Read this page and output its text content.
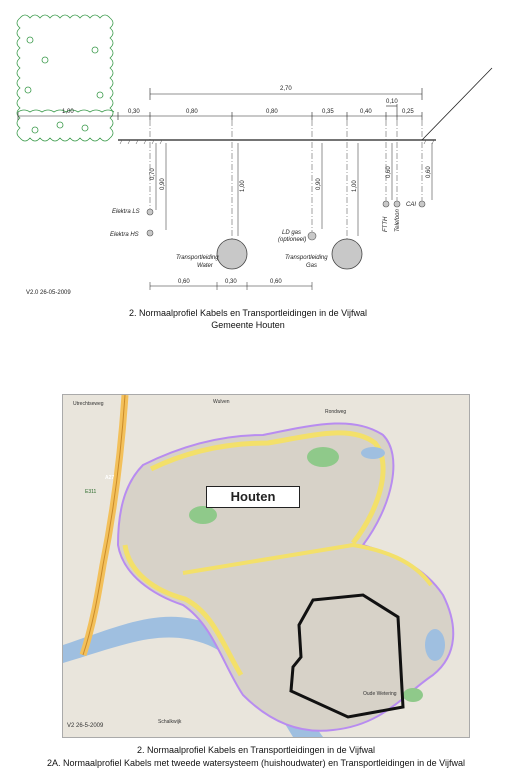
2,70
1,00	0,30	0,80	0,80	0,35	0,40
0,10
0,25
0,70
0,90	1,00	0,90	1,00
0,60	0,60
Elektra LS
Elektra HS
Transportleiding
Water
LD gas
(optioneel)
Transportleiding
Gas
FTTH Telefoon
CAI
0,60	0,30	0,60
V2.0 26-05-2009
2. Normaalprofiel Kabels en Transportleidingen in de Vijfwal
Gemeente Houten
Utrechtseweg
A27
E311
Wulven
Rondweg
Oude Wetering
Schalkwijk
V2 26-5-2009
Houten
2. Normaalprofiel Kabels en Transportleidingen in de Vijfwal
2A. Normaalprofiel Kabels met tweede watersysteem (huishoudwater) en Transportleidingen in de Vijfwal
